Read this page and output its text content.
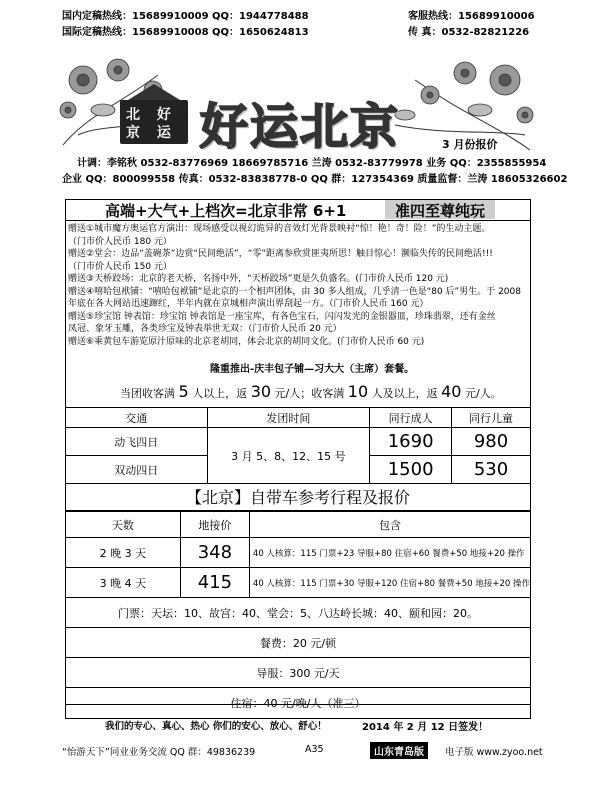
国内定稿热线：15689910009 QQ：1944778488
国际定稿热线：15689910008 QQ：1650624813
客服热线：15689910006
传 真：0532-82821226
北 好
京 运 好运北京	3 月份报价
计调：李铭秋 0532-83776969 18669785716 兰涛 0532-83779978 业务 QQ：2355855954
企业 QQ：800099558 传真：0532-83838778-0 QQ 群：127354369 质量监督：兰涛 18605326602
高端+大气+上档次=北京非常 6+1	准四至尊纯玩
赠送①城市魔方奥运官方演出：现场感受以视幻诡异的音效灯光背景映衬“惊！艳！奇！险！”的生动主题。
（门市价人民币 180 元）
赠送②堂会：边品“盖碗茶”边赏“民间绝活”，“零”距离参欣赏匪夷所思！触目惊心！濒临失传的民间绝活!!!
（门市价人民币 150 元）
赠送③天桥跤场：北京的老天桥，名扬中外，“天桥跤场”更是久负盛名。(门市价人民币 120 元)
赠送④嘻哈包袱铺：“嘻哈包袱铺”是北京的一个相声团体，由 30 多人组成，几乎清一色是“80 后”男生。于 2008
年底在各大网站迅速蹿红，半年内就在京城相声演出界刮起一方。（门市价人民币 160 元）
赠送⑤珍宝馆 钟表馆：珍宝馆 钟表馆是一座宝库，有各色宝石，闪闪发光的金银器皿，珍珠翡翠，还有金丝
凤冠、象牙玉雕，各类珍宝及钟表举世无双：（门市价人民币 20 元）
赠送⑥乘黄包车游览原汁原味的北京老胡同，体会北京的胡同文化。(门市价人民币 60 元)
隆重推出-庆丰包子铺—习大大（主席）套餐。
当团收客满 5 人以上，返 30 元/人；收客满 10 人及以上，返 40 元/人。
交通	发团时间	同行成人	同行儿童
动飞四日	3 月 5、8、12、15 号	1690	980
双动四日		1500	530
【北京】自带车参考行程及报价
天数	地接价	包含
2 晚 3 天	348	40 人核算：115 门票+23 导服+80 住宿+60 餐费+50 地接+20 操作
3 晚 4 天	415	40 人核算：115 门票+30 导服+120 住宿+80 餐费+50 地接+20 操作
门票：天坛：10、故宫：40、堂会：5、八达岭长城：40、颐和园：20。		
餐费：20 元/顿		
导服：300 元/天		
住宿：40 元/晚/人（准三）		
我们的专心、真心、热心 你们的安心、放心、舒心！	2014 年 2 月 12 日签发！
“怡游天下”同业业务交流 QQ 群：49836239	A35	山东青岛版	电子版 www.zyoo.net
